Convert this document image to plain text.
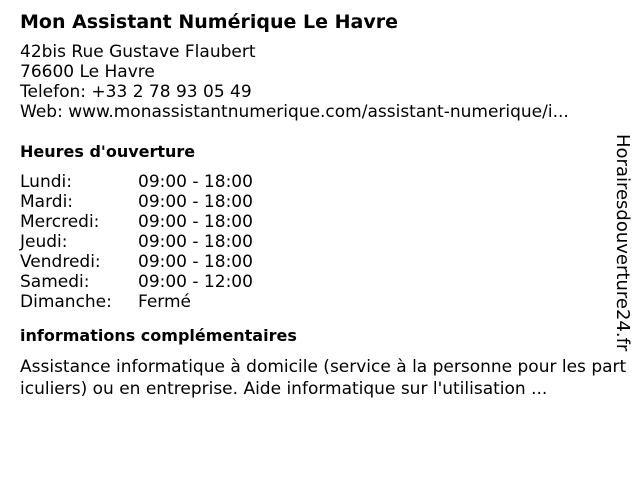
Mon Assistant Numérique Le Havre
42bis Rue Gustave Flaubert
76600 Le Havre
Telefon: +33 2 78 93 05 49
Web: www.monassistantnumerique.com/assistant-numerique/i...
Heures d'ouverture
Lundi:	09:00 - 18:00
Mardi:	09:00 - 18:00
Mercredi:	09:00 - 18:00
Jeudi:	09:00 - 18:00
Vendredi:	09:00 - 18:00
Samedi:	09:00 - 12:00
Dimanche:	Fermé
informations complémentaires
Assistance informatique à domicile (service à la personne pour les particuliers) ou en entreprise. Aide informatique sur l'utilisation ...
Horairesdouverture24.fr
